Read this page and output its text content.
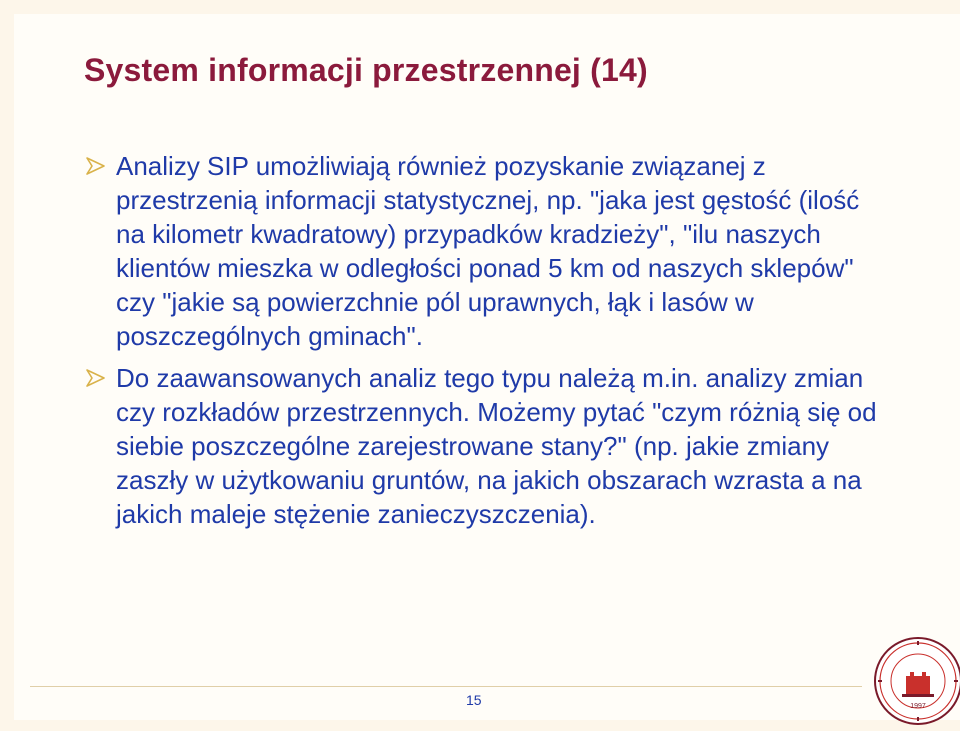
System informacji przestrzennej (14)
Analizy SIP umożliwiają również pozyskanie związanej z przestrzenią informacji statystycznej, np. "jaka jest gęstość (ilość na kilometr kwadratowy) przypadków kradzieży", "ilu naszych klientów mieszka w odległości ponad 5 km od naszych sklepów" czy "jakie są powierzchnie pól uprawnych, łąk i lasów w poszczególnych gminach".
Do zaawansowanych analiz tego typu należą m.in. analizy zmian czy rozkładów przestrzennych. Możemy pytać "czym różnią się od siebie poszczególne zarejestrowane stany?" (np. jakie zmiany zaszły w użytkowaniu gruntów, na jakich obszarach wzrasta a na jakich maleje stężenie zanieczyszczenia).
15	1997
